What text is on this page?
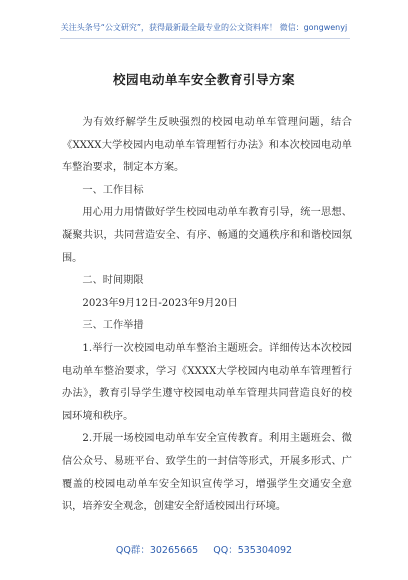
关注头条号“公文研究”，获得最新最全最专业的公文资料库！ 微信：gongwenyj
校园电动单车安全教育引导方案

为有效纾解学生反映强烈的校园电动单车管理问题，结合《XXXX大学校园内电动单车管理暂行办法》和本次校园电动单车整治要求，制定本方案。

一、工作目标

用心用力用情做好学生校园电动单车教育引导，统一思想、凝聚共识，共同营造安全、有序、畅通的交通秩序和和谐校园氛围。

二、时间期限

2023年9月12日-2023年9月20日

三、工作举措

1.举行一次校园电动单车整治主题班会。详细传达本次校园电动单车整治要求，学习《XXXX大学校园内电动单车管理暂行办法》，教育引导学生遵守校园电动单车管理共同营造良好的校园环境和秩序。

2.开展一场校园电动单车安全宣传教育。利用主题班会、微信公众号、易班平台、致学生的一封信等形式，开展多形式、广覆盖的校园电动单车安全知识宣传学习，增强学生交通安全意识，培养安全观念，创建安全舒适校园出行环境。

QQ群：30265665 QQ：535304092
